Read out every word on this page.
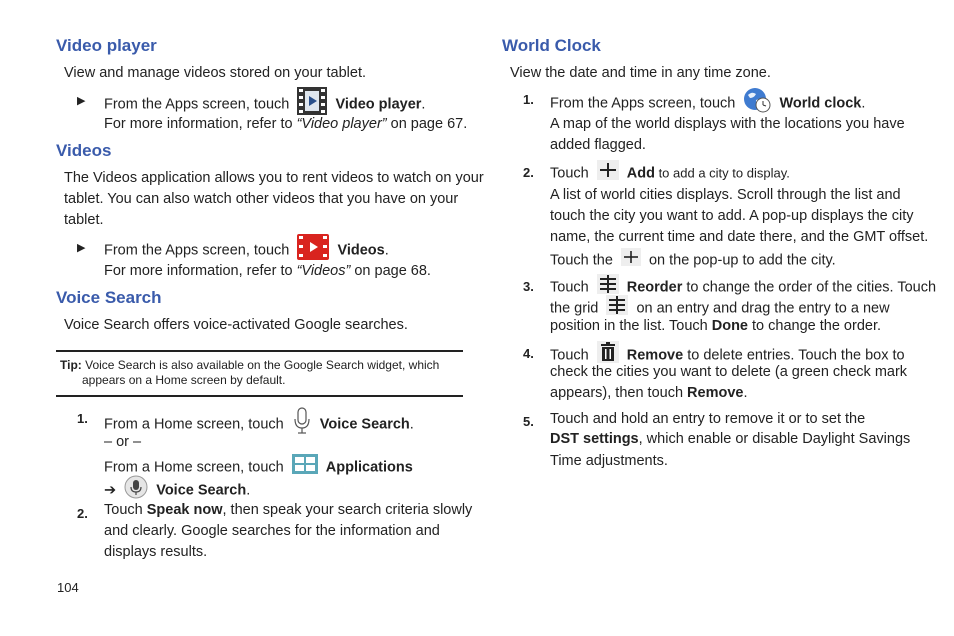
Video player
View and manage videos stored on your tablet.
▶ From the Apps screen, touch	Video player.
For more information, refer to “Video player” on page 67.
Videos
The Videos application allows you to rent videos to watch on your
tablet. You can also watch other videos that you have on your
tablet.
▶ From the Apps screen, touch	Videos.
For more information, refer to “Videos” on page 68.
Voice Search
Voice Search offers voice-activated Google searches.
Tip: Voice Search is also available on the Google Search widget, which
appears on a Home screen by default.
1. From a Home screen, touch Voice Search.
– or –
From a Home screen, touch	Applications
➔	Voice Search.
2. Touch Speak now, then speak your search criteria slowly
and clearly. Google searches for the information and
displays results.
104
World Clock
View the date and time in any time zone.
1. From the Apps screen, touch	World clock.
A map of the world displays with the locations you have
added flagged.
2. Touch	Add to add a city to display.
A list of world cities displays. Scroll through the list and
touch the city you want to add. A pop-up displays the city
name, the current time and date there, and the GMT offset.
Touch the on the pop-up to add the city.
3. Touch	Reorder to change the order of the cities. Touch
the grid	on an entry and drag the entry to a new
position in the list. Touch Done to change the order.
4. Touch	Remove to delete entries. Touch the box to
check the cities you want to delete (a green check mark
appears), then touch Remove.
5. Touch and hold an entry to remove it or to set the
DST settings, which enable or disable Daylight Savings
Time adjustments.
